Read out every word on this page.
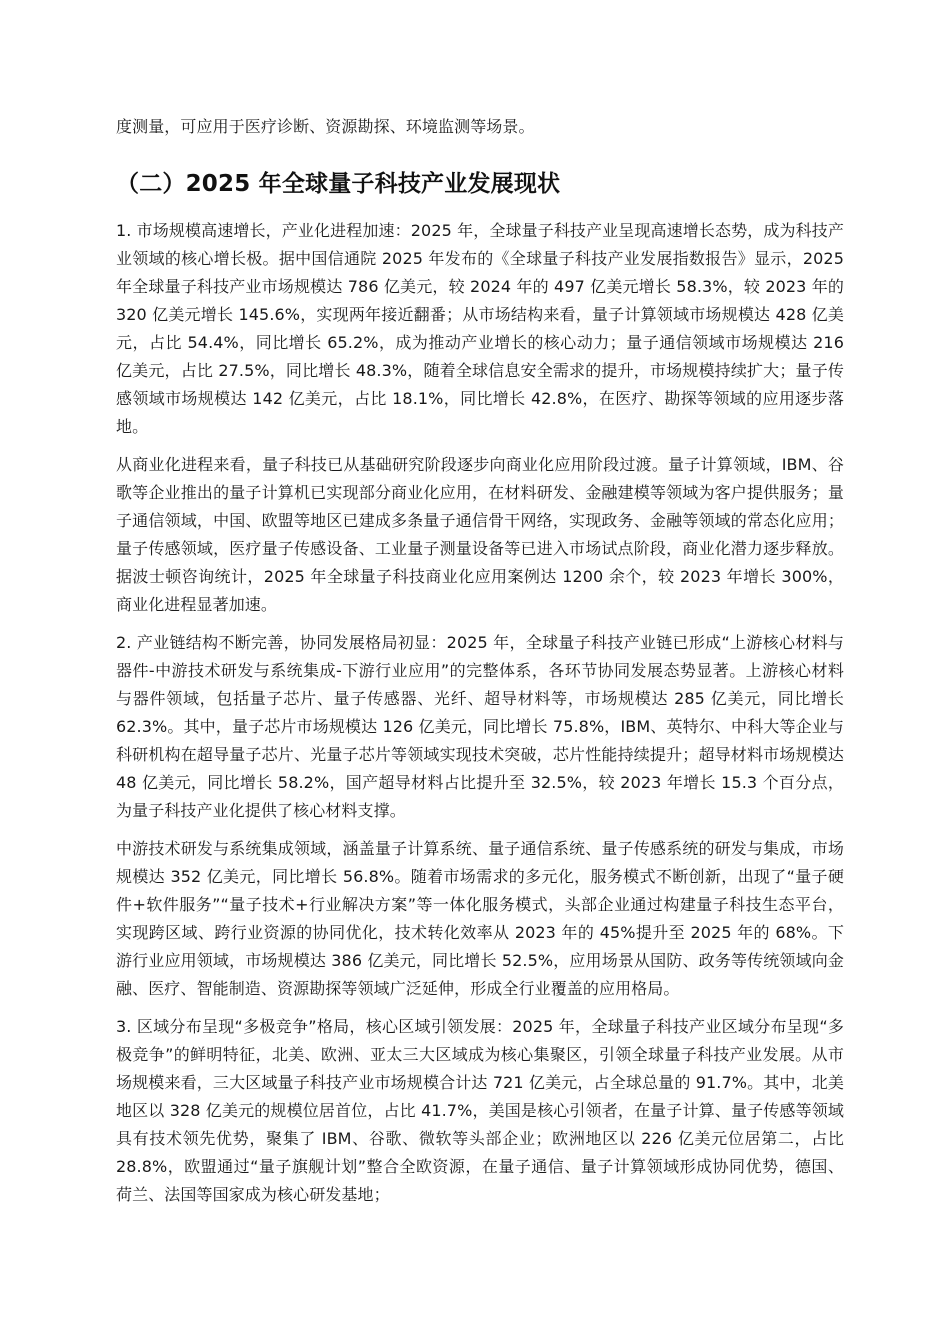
度测量，可应用于医疗诊断、资源勘探、环境监测等场景。

（二）2025 年全球量子科技产业发展现状

1. 市场规模高速增长，产业化进程加速：2025 年，全球量子科技产业呈现高速增长态势，成为科技产业领域的核心增长极。据中国信通院 2025 年发布的《全球量子科技产业发展指数报告》显示，2025 年全球量子科技产业市场规模达 786 亿美元，较 2024 年的 497 亿美元增长 58.3%，较 2023 年的 320 亿美元增长 145.6%，实现两年接近翻番；从市场结构来看，量子计算领域市场规模达 428 亿美元，占比 54.4%，同比增长 65.2%，成为推动产业增长的核心动力；量子通信领域市场规模达 216 亿美元，占比 27.5%，同比增长 48.3%，随着全球信息安全需求的提升，市场规模持续扩大；量子传感领域市场规模达 142 亿美元，占比 18.1%，同比增长 42.8%，在医疗、勘探等领域的应用逐步落地。

从商业化进程来看，量子科技已从基础研究阶段逐步向商业化应用阶段过渡。量子计算领域，IBM、谷歌等企业推出的量子计算机已实现部分商业化应用，在材料研发、金融建模等领域为客户提供服务；量子通信领域，中国、欧盟等地区已建成多条量子通信骨干网络，实现政务、金融等领域的常态化应用；量子传感领域，医疗量子传感设备、工业量子测量设备等已进入市场试点阶段，商业化潜力逐步释放。据波士顿咨询统计，2025 年全球量子科技商业化应用案例达 1200 余个，较 2023 年增长 300%，商业化进程显著加速。

2. 产业链结构不断完善，协同发展格局初显：2025 年，全球量子科技产业链已形成“上游核心材料与器件-中游技术研发与系统集成-下游行业应用”的完整体系，各环节协同发展态势显著。上游核心材料与器件领域，包括量子芯片、量子传感器、光纤、超导材料等，市场规模达 285 亿美元，同比增长 62.3%。其中，量子芯片市场规模达 126 亿美元，同比增长 75.8%，IBM、英特尔、中科大等企业与科研机构在超导量子芯片、光量子芯片等领域实现技术突破，芯片性能持续提升；超导材料市场规模达 48 亿美元，同比增长 58.2%，国产超导材料占比提升至 32.5%，较 2023 年增长 15.3 个百分点，为量子科技产业化提供了核心材料支撑。

中游技术研发与系统集成领域，涵盖量子计算系统、量子通信系统、量子传感系统的研发与集成，市场规模达 352 亿美元，同比增长 56.8%。随着市场需求的多元化，服务模式不断创新，出现了“量子硬件+软件服务”“量子技术+行业解决方案”等一体化服务模式，头部企业通过构建量子科技生态平台，实现跨区域、跨行业资源的协同优化，技术转化效率从 2023 年的 45%提升至 2025 年的 68%。下游行业应用领域，市场规模达 386 亿美元，同比增长 52.5%，应用场景从国防、政务等传统领域向金融、医疗、智能制造、资源勘探等领域广泛延伸，形成全行业覆盖的应用格局。

3. 区域分布呈现“多极竞争”格局，核心区域引领发展：2025 年，全球量子科技产业区域分布呈现“多极竞争”的鲜明特征，北美、欧洲、亚太三大区域成为核心集聚区，引领全球量子科技产业发展。从市场规模来看，三大区域量子科技产业市场规模合计达 721 亿美元，占全球总量的 91.7%。其中，北美地区以 328 亿美元的规模位居首位，占比 41.7%，美国是核心引领者，在量子计算、量子传感等领域具有技术领先优势，聚集了 IBM、谷歌、微软等头部企业；欧洲地区以 226 亿美元位居第二，占比 28.8%，欧盟通过“量子旗舰计划”整合全欧资源，在量子通信、量子计算领域形成协同优势，德国、荷兰、法国等国家成为核心研发基地；
